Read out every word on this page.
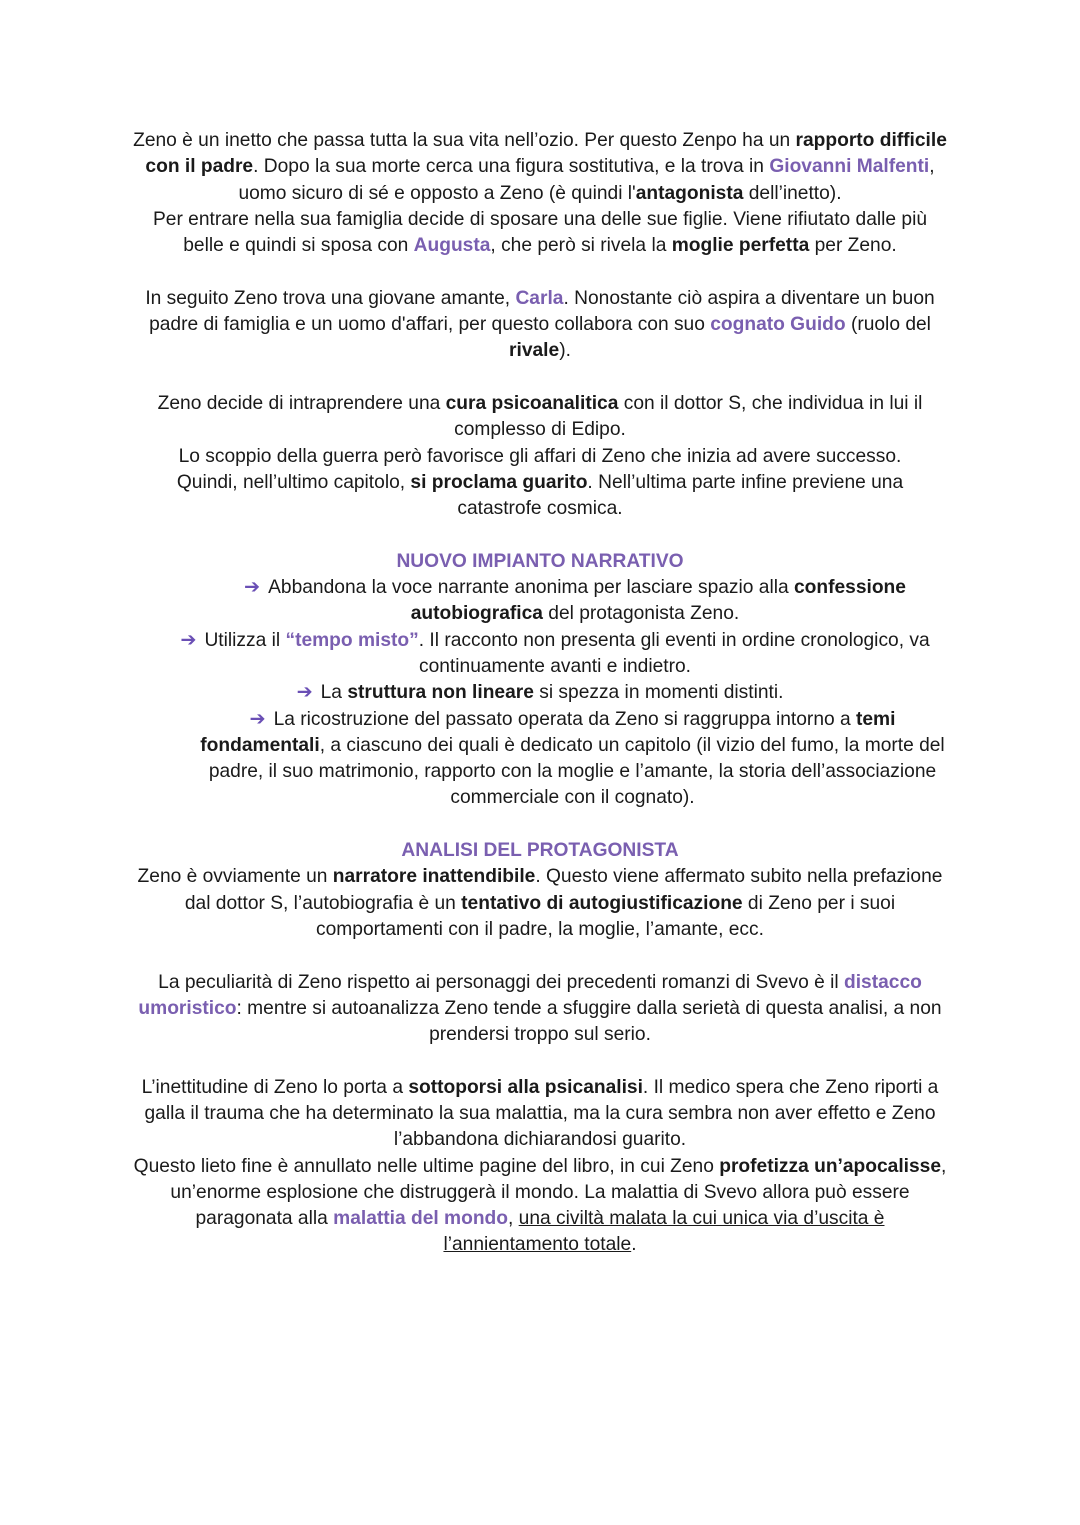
Zeno è un inetto che passa tutta la sua vita nell’ozio. Per questo Zenpo ha un rapporto difficile con il padre. Dopo la sua morte cerca una figura sostitutiva, e la trova in Giovanni Malfenti, uomo sicuro di sé e opposto a Zeno (è quindi l'antagonista dell’inetto).

Per entrare nella sua famiglia decide di sposare una delle sue figlie. Viene rifiutato dalle più belle e quindi si sposa con Augusta, che però si rivela la moglie perfetta per Zeno.

In seguito Zeno trova una giovane amante, Carla. Nonostante ciò aspira a diventare un buon padre di famiglia e un uomo d'affari, per questo collabora con suo cognato Guido (ruolo del rivale).

Zeno decide di intraprendere una cura psicoanalitica con il dottor S, che individua in lui il complesso di Edipo.

Lo scoppio della guerra però favorisce gli affari di Zeno che inizia ad avere successo.

Quindi, nell’ultimo capitolo, si proclama guarito. Nell’ultima parte infine previene una catastrofe cosmica.

NUOVO IMPIANTO NARRATIVO

➔ Abbandona la voce narrante anonima per lasciare spazio alla confessione autobiografica del protagonista Zeno.

➔ Utilizza il “tempo misto”. Il racconto non presenta gli eventi in ordine cronologico, va continuamente avanti e indietro.

➔ La struttura non lineare si spezza in momenti distinti.

➔ La ricostruzione del passato operata da Zeno si raggruppa intorno a temi fondamentali, a ciascuno dei quali è dedicato un capitolo (il vizio del fumo, la morte del padre, il suo matrimonio, rapporto con la moglie e l’amante, la storia dell’associazione commerciale con il cognato).

ANALISI DEL PROTAGONISTA

Zeno è ovviamente un narratore inattendibile. Questo viene affermato subito nella prefazione dal dottor S, l’autobiografia è un tentativo di autogiustificazione di Zeno per i suoi comportamenti con il padre, la moglie, l’amante, ecc.

La peculiarità di Zeno rispetto ai personaggi dei precedenti romanzi di Svevo è il distacco umoristico: mentre si autoanalizza Zeno tende a sfuggire dalla serietà di questa analisi, a non prendersi troppo sul serio.

L’inettitudine di Zeno lo porta a sottoporsi alla psicanalisi. Il medico spera che Zeno riporti a galla il trauma che ha determinato la sua malattia, ma la cura sembra non aver effetto e Zeno l’abbandona dichiarandosi guarito.

Questo lieto fine è annullato nelle ultime pagine del libro, in cui Zeno profetizza un’apocalisse, un’enorme esplosione che distruggerà il mondo. La malattia di Svevo allora può essere paragonata alla malattia del mondo, una civiltà malata la cui unica via d’uscita è l’annientamento totale.
